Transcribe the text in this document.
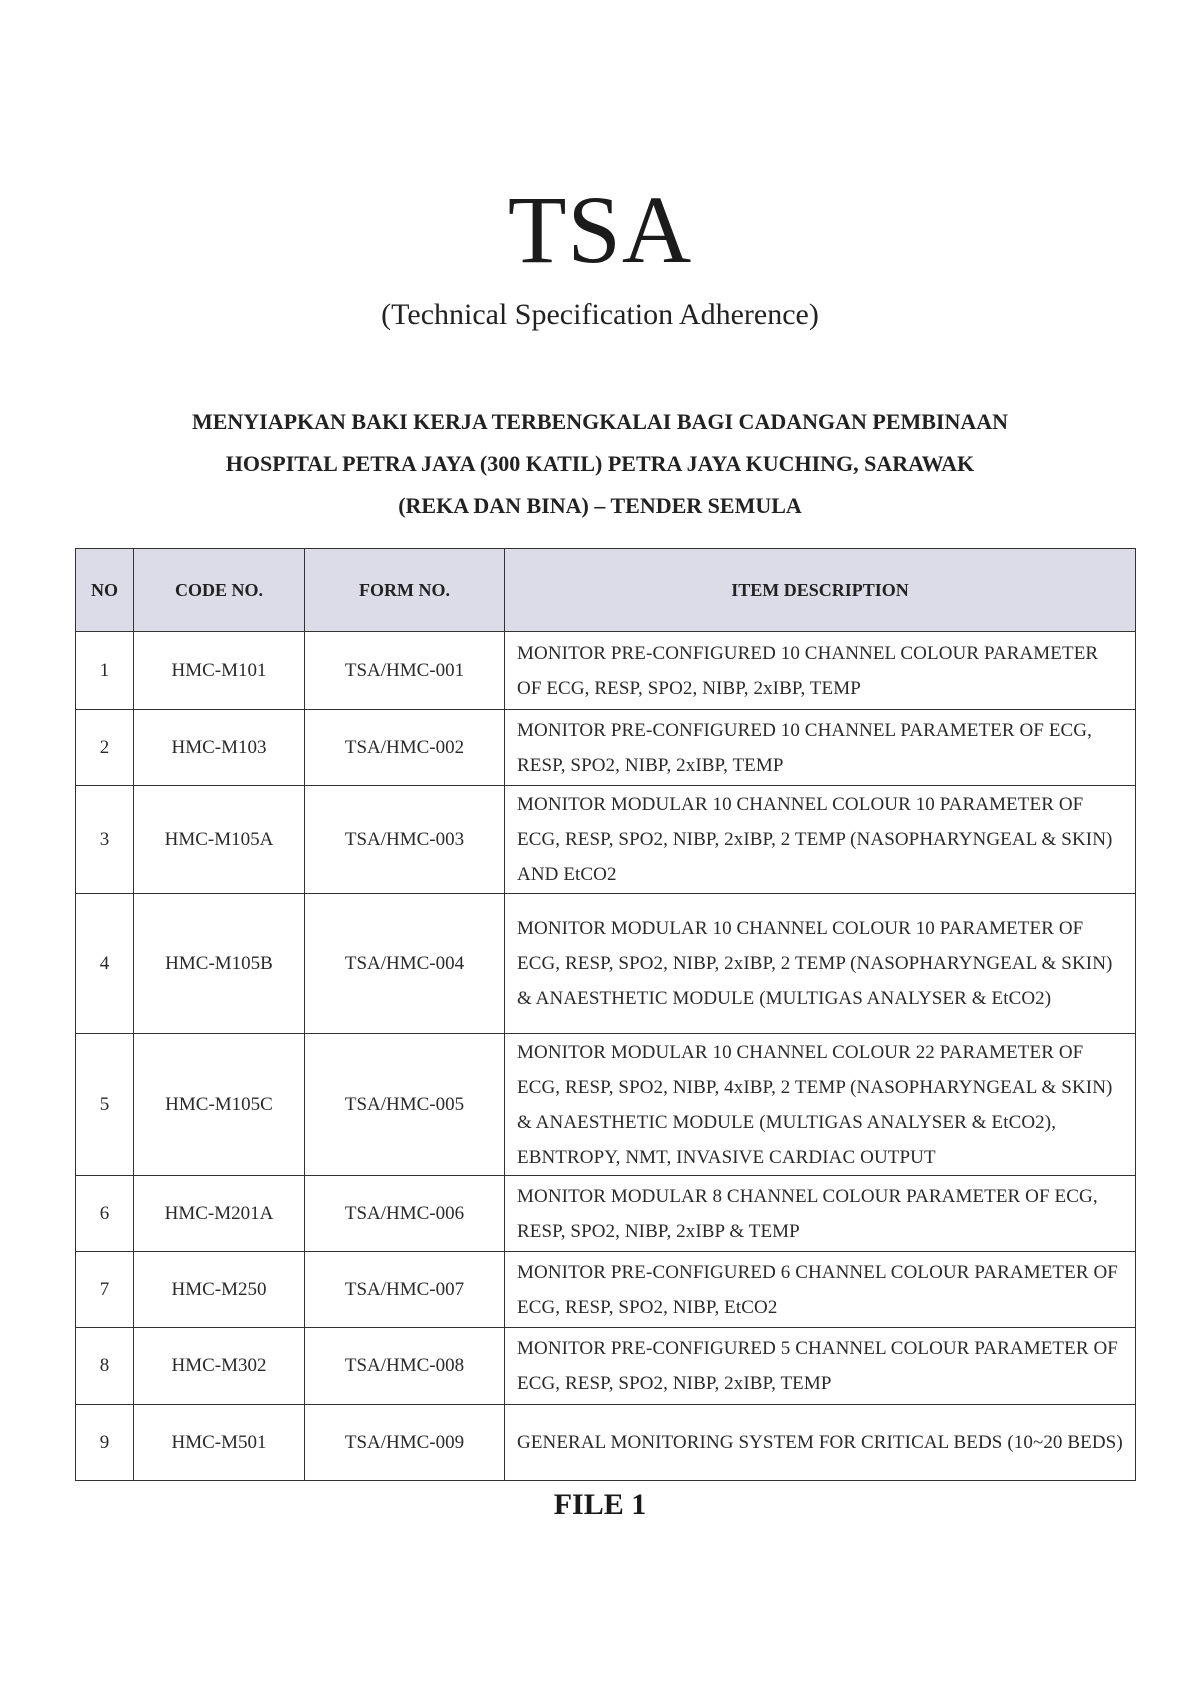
TSA
(Technical Specification Adherence)
MENYIAPKAN BAKI KERJA TERBENGKALAI BAGI CADANGAN PEMBINAAN
HOSPITAL PETRA JAYA (300 KATIL) PETRA JAYA KUCHING, SARAWAK
(REKA DAN BINA) – TENDER SEMULA
NO	CODE NO.	FORM NO.	ITEM DESCRIPTION
1	HMC-M101	TSA/HMC-001	MONITOR PRE-CONFIGURED 10 CHANNEL COLOUR PARAMETER OF ECG, RESP, SPO2, NIBP, 2xIBP, TEMP
2	HMC-M103	TSA/HMC-002	MONITOR PRE-CONFIGURED 10 CHANNEL PARAMETER OF ECG, RESP, SPO2, NIBP, 2xIBP, TEMP
3	HMC-M105A	TSA/HMC-003	MONITOR MODULAR 10 CHANNEL COLOUR 10 PARAMETER OF ECG, RESP, SPO2, NIBP, 2xIBP, 2 TEMP (NASOPHARYNGEAL & SKIN) AND EtCO2
4	HMC-M105B	TSA/HMC-004	MONITOR MODULAR 10 CHANNEL COLOUR 10 PARAMETER OF ECG, RESP, SPO2, NIBP, 2xIBP, 2 TEMP (NASOPHARYNGEAL & SKIN) & ANAESTHETIC MODULE (MULTIGAS ANALYSER & EtCO2)
5	HMC-M105C	TSA/HMC-005	MONITOR MODULAR 10 CHANNEL COLOUR 22 PARAMETER OF ECG, RESP, SPO2, NIBP, 4xIBP, 2 TEMP (NASOPHARYNGEAL & SKIN) & ANAESTHETIC MODULE (MULTIGAS ANALYSER & EtCO2), EBNTROPY, NMT, INVASIVE CARDIAC OUTPUT
6	HMC-M201A	TSA/HMC-006	MONITOR MODULAR 8 CHANNEL COLOUR PARAMETER OF ECG, RESP, SPO2, NIBP, 2xIBP & TEMP
7	HMC-M250	TSA/HMC-007	MONITOR PRE-CONFIGURED 6 CHANNEL COLOUR PARAMETER OF ECG, RESP, SPO2, NIBP, EtCO2
8	HMC-M302	TSA/HMC-008	MONITOR PRE-CONFIGURED 5 CHANNEL COLOUR PARAMETER OF ECG, RESP, SPO2, NIBP, 2xIBP, TEMP
9	HMC-M501	TSA/HMC-009	GENERAL MONITORING SYSTEM FOR CRITICAL BEDS (10~20 BEDS)
FILE 1
